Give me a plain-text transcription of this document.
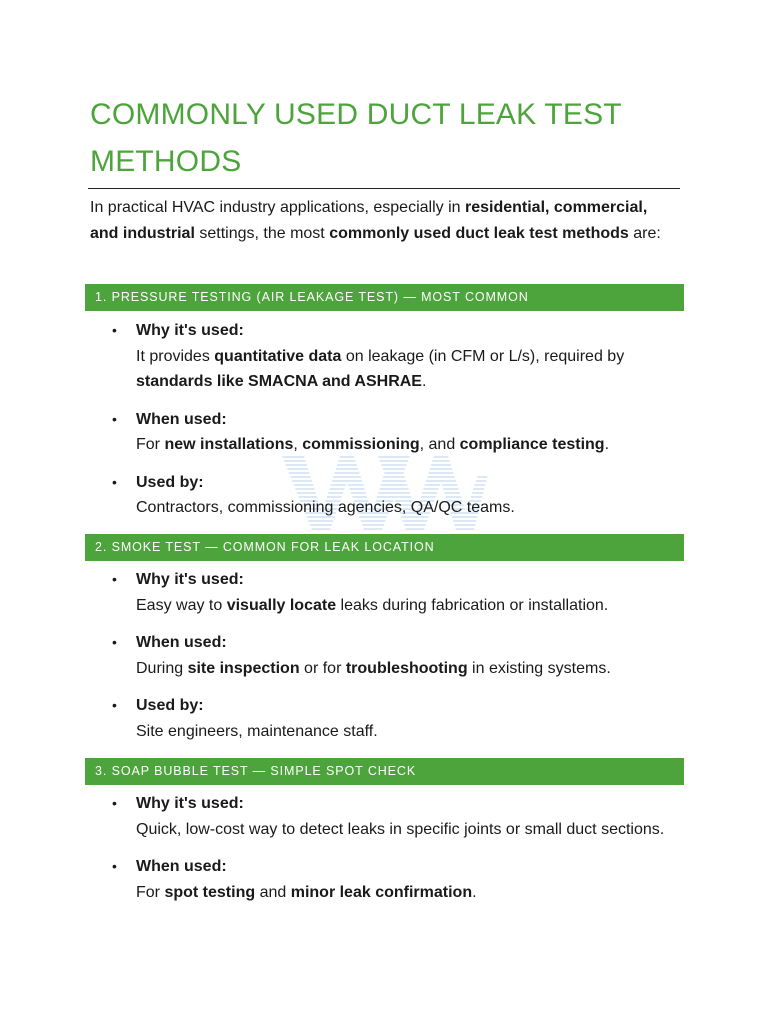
COMMONLY USED DUCT LEAK TEST METHODS

In practical HVAC industry applications, especially in residential, commercial, and industrial settings, the most commonly used duct leak test methods are:

1. PRESSURE TESTING (AIR LEAKAGE TEST) — MOST COMMON
• Why it's used:
It provides quantitative data on leakage (in CFM or L/s), required by standards like SMACNA and ASHRAE.
• When used:
For new installations, commissioning, and compliance testing.
• Used by:
Contractors, commissioning agencies, QA/QC teams.
2. SMOKE TEST — COMMON FOR LEAK LOCATION
• Why it's used:
Easy way to visually locate leaks during fabrication or installation.
• When used:
During site inspection or for troubleshooting in existing systems.
• Used by:
Site engineers, maintenance staff.
3. SOAP BUBBLE TEST — SIMPLE SPOT CHECK
• Why it's used:
Quick, low-cost way to detect leaks in specific joints or small duct sections.
• When used:
For spot testing and minor leak confirmation.
